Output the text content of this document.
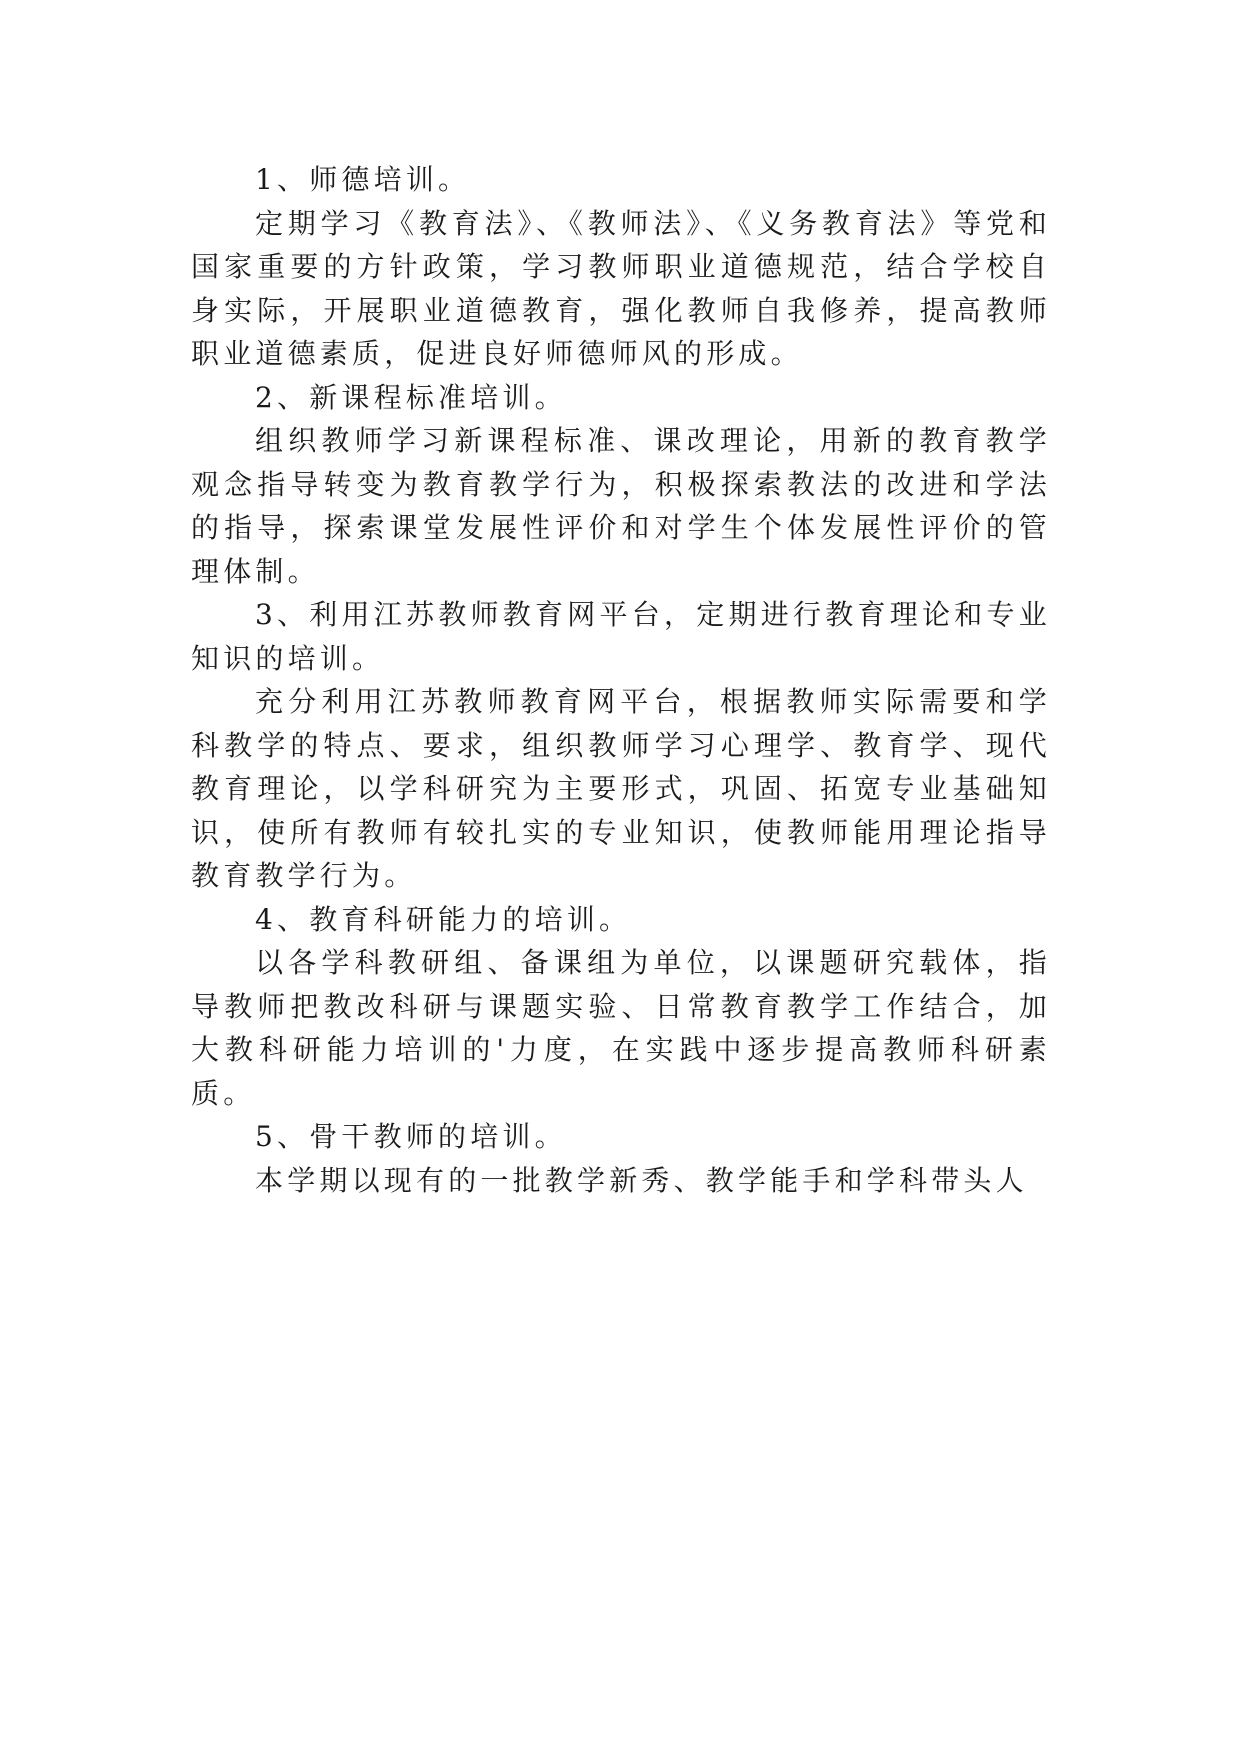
1、师德培训。

定期学习《教育法》、《教师法》、《义务教育法》等党和国家重要的方针政策，学习教师职业道德规范，结合学校自身实际，开展职业道德教育，强化教师自我修养，提高教师职业道德素质，促进良好师德师风的形成。

2、新课程标准培训。

组织教师学习新课程标准、课改理论，用新的教育教学观念指导转变为教育教学行为，积极探索教法的改进和学法的指导，探索课堂发展性评价和对学生个体发展性评价的管理体制。

3、利用江苏教师教育网平台，定期进行教育理论和专业知识的培训。

充分利用江苏教师教育网平台，根据教师实际需要和学科教学的特点、要求，组织教师学习心理学、教育学、现代教育理论，以学科研究为主要形式，巩固、拓宽专业基础知识，使所有教师有较扎实的专业知识，使教师能用理论指导教育教学行为。

4、教育科研能力的培训。

以各学科教研组、备课组为单位，以课题研究载体，指导教师把教改科研与课题实验、日常教育教学工作结合，加大教科研能力培训的'力度，在实践中逐步提高教师科研素质。

5、骨干教师的培训。

本学期以现有的一批教学新秀、教学能手和学科带头人
